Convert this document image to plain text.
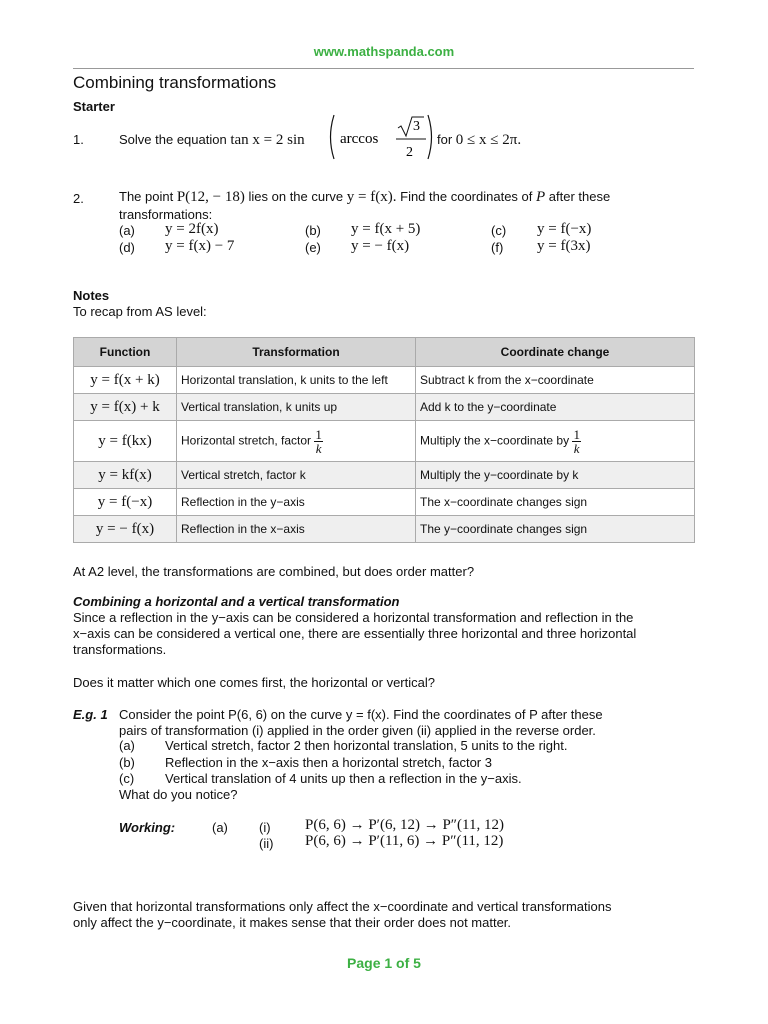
www.mathspanda.com
Combining transformations
Starter
1.	Solve the equation tan x = 2 sin arccos
3
2
for 0 ≤ x ≤ 2π.
2.	The point P(12, − 18) lies on the curve y = f(x). Find the coordinates of P after these
transformations:
(a) y = 2f(x)	(b) y = f(x + 5)	(c) y = f(−x)
(d) y = f(x) − 7	(e) y = − f(x)	(f) y = f(3x)
Notes
To recap from AS level:
Function	Transformation	Coordinate change
y = f(x + k)	Horizontal translation, k units to the left	Subtract k from the x−coordinate
y = f(x) + k	Vertical translation, k units up	Add k to the y−coordinate
y = f(kx)	Horizontal stretch, factor $\frac{1}{k}$	Multiply the x−coordinate by $\frac{1}{k}$

y = kf(x)	Vertical stretch, factor k	Multiply the y−coordinate by k
y = f(−x)	Reflection in the y−axis	The x−coordinate changes sign
y = − f(x)	Reflection in the x−axis	The y−coordinate changes sign
At A2 level, the transformations are combined, but does order matter?
Combining a horizontal and a vertical transformation
Since a reflection in the y−axis can be considered a horizontal transformation and reflection in the
x−axis can be considered a vertical one, there are essentially three horizontal and three horizontal
transformations.
Does it matter which one comes first, the horizontal or vertical?
E.g. 1 Consider the point P(6, 6) on the curve y = f(x). Find the coordinates of P after these
pairs of transformation (i) applied in the order given (ii) applied in the reverse order.
(a) Vertical stretch, factor 2 then horizontal translation, 5 units to the right.
(b) Reflection in the x−axis then a horizontal stretch, factor 3
(c) Vertical translation of 4 units up then a reflection in the y−axis.
What do you notice?
Working:	(a) (i) P(6, 6) → P′(6, 12) → P″(11, 12)
(ii) P(6, 6) → P′(11, 6) → P″(11, 12)
Given that horizontal transformations only affect the x−coordinate and vertical transformations
only affect the y−coordinate, it makes sense that their order does not matter.
Page 1 of 5
